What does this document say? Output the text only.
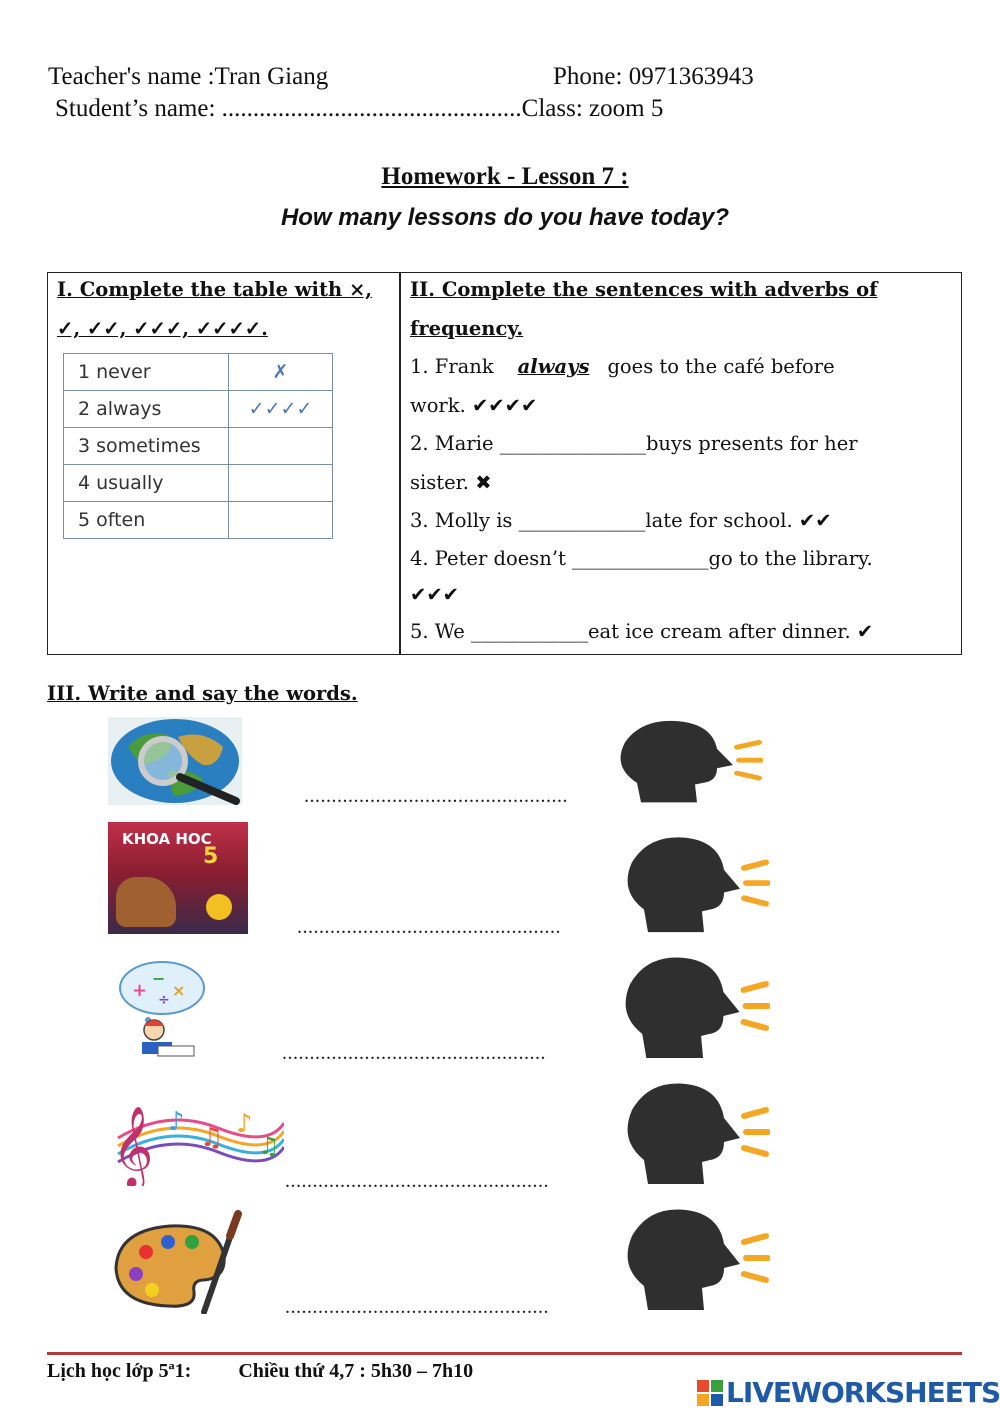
Teacher's name :Tran Giang	Phone: 0971363943
Student’s name: ................................................Class: zoom 5
Homework - Lesson 7 :
How many lessons do you have today?
I. Complete the table with ×,
✓, ✓✓, ✓✓✓, ✓✓✓✓.
1 never	✗
2 always	✓✓✓✓
3 sometimes	
4 usually	
5 often	
II. Complete the sentences with adverbs of
frequency.
1. Frank always goes to the café before
work. ✔✔✔✔
2. Marie _______________buys presents for her
sister. ✖
3. Molly is _____________late for school. ✔✔
4. Peter doesn’t ______________go to the library.
✔✔✔
5. We ____________eat ice cream after dinner. ✔
III. Write and say the words.
................................................
KHOA HOC
5
................................................
+
−
×
÷
................................................
𝄞 ♪
♫ ♪
♫
................................................
................................................
Lịch học lớp 5ª1: Chiều thứ 4,7 : 5h30 – 7h10
LIVEWORKSHEETS
